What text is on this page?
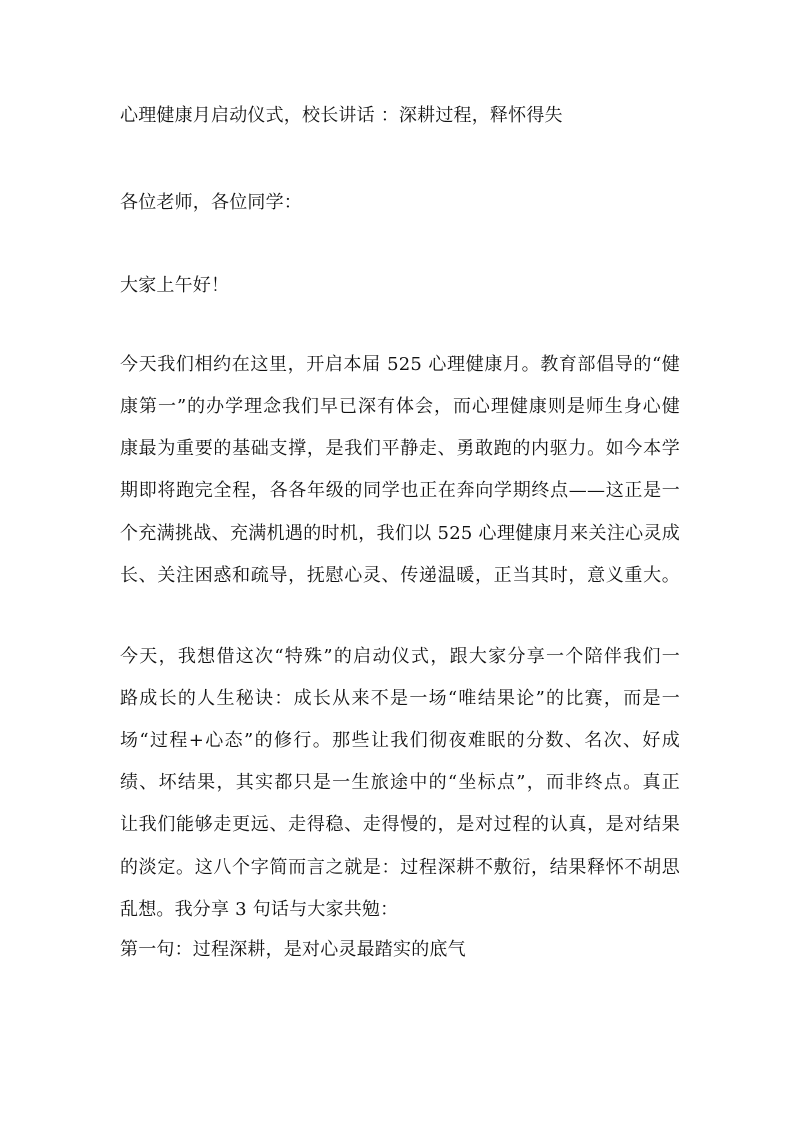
心理健康月启动仪式，校长讲话 ：深耕过程，释怀得失
各位老师，各位同学：
大家上午好！
今天我们相约在这里，开启本届 525 心理健康月。教育部倡导的“健
康第一”的办学理念我们早已深有体会，而心理健康则是师生身心健
康最为重要的基础支撑，是我们平静走、勇敢跑的内驱力。如今本学
期即将跑完全程，各各年级的同学也正在奔向学期终点——这正是一
个充满挑战、充满机遇的时机，我们以 525 心理健康月来关注心灵成
长、关注困惑和疏导，抚慰心灵、传递温暖，正当其时，意义重大。
今天，我想借这次“特殊”的启动仪式，跟大家分享一个陪伴我们一
路成长的人生秘诀：成长从来不是一场“唯结果论”的比赛，而是一
场“过程+心态”的修行。那些让我们彻夜难眠的分数、名次、好成
绩、坏结果，其实都只是一生旅途中的“坐标点”，而非终点。真正
让我们能够走更远、走得稳、走得慢的，是对过程的认真，是对结果
的淡定。这八个字简而言之就是：过程深耕不敷衍，结果释怀不胡思
乱想。我分享 3 句话与大家共勉：
第一句：过程深耕，是对心灵最踏实的底气
